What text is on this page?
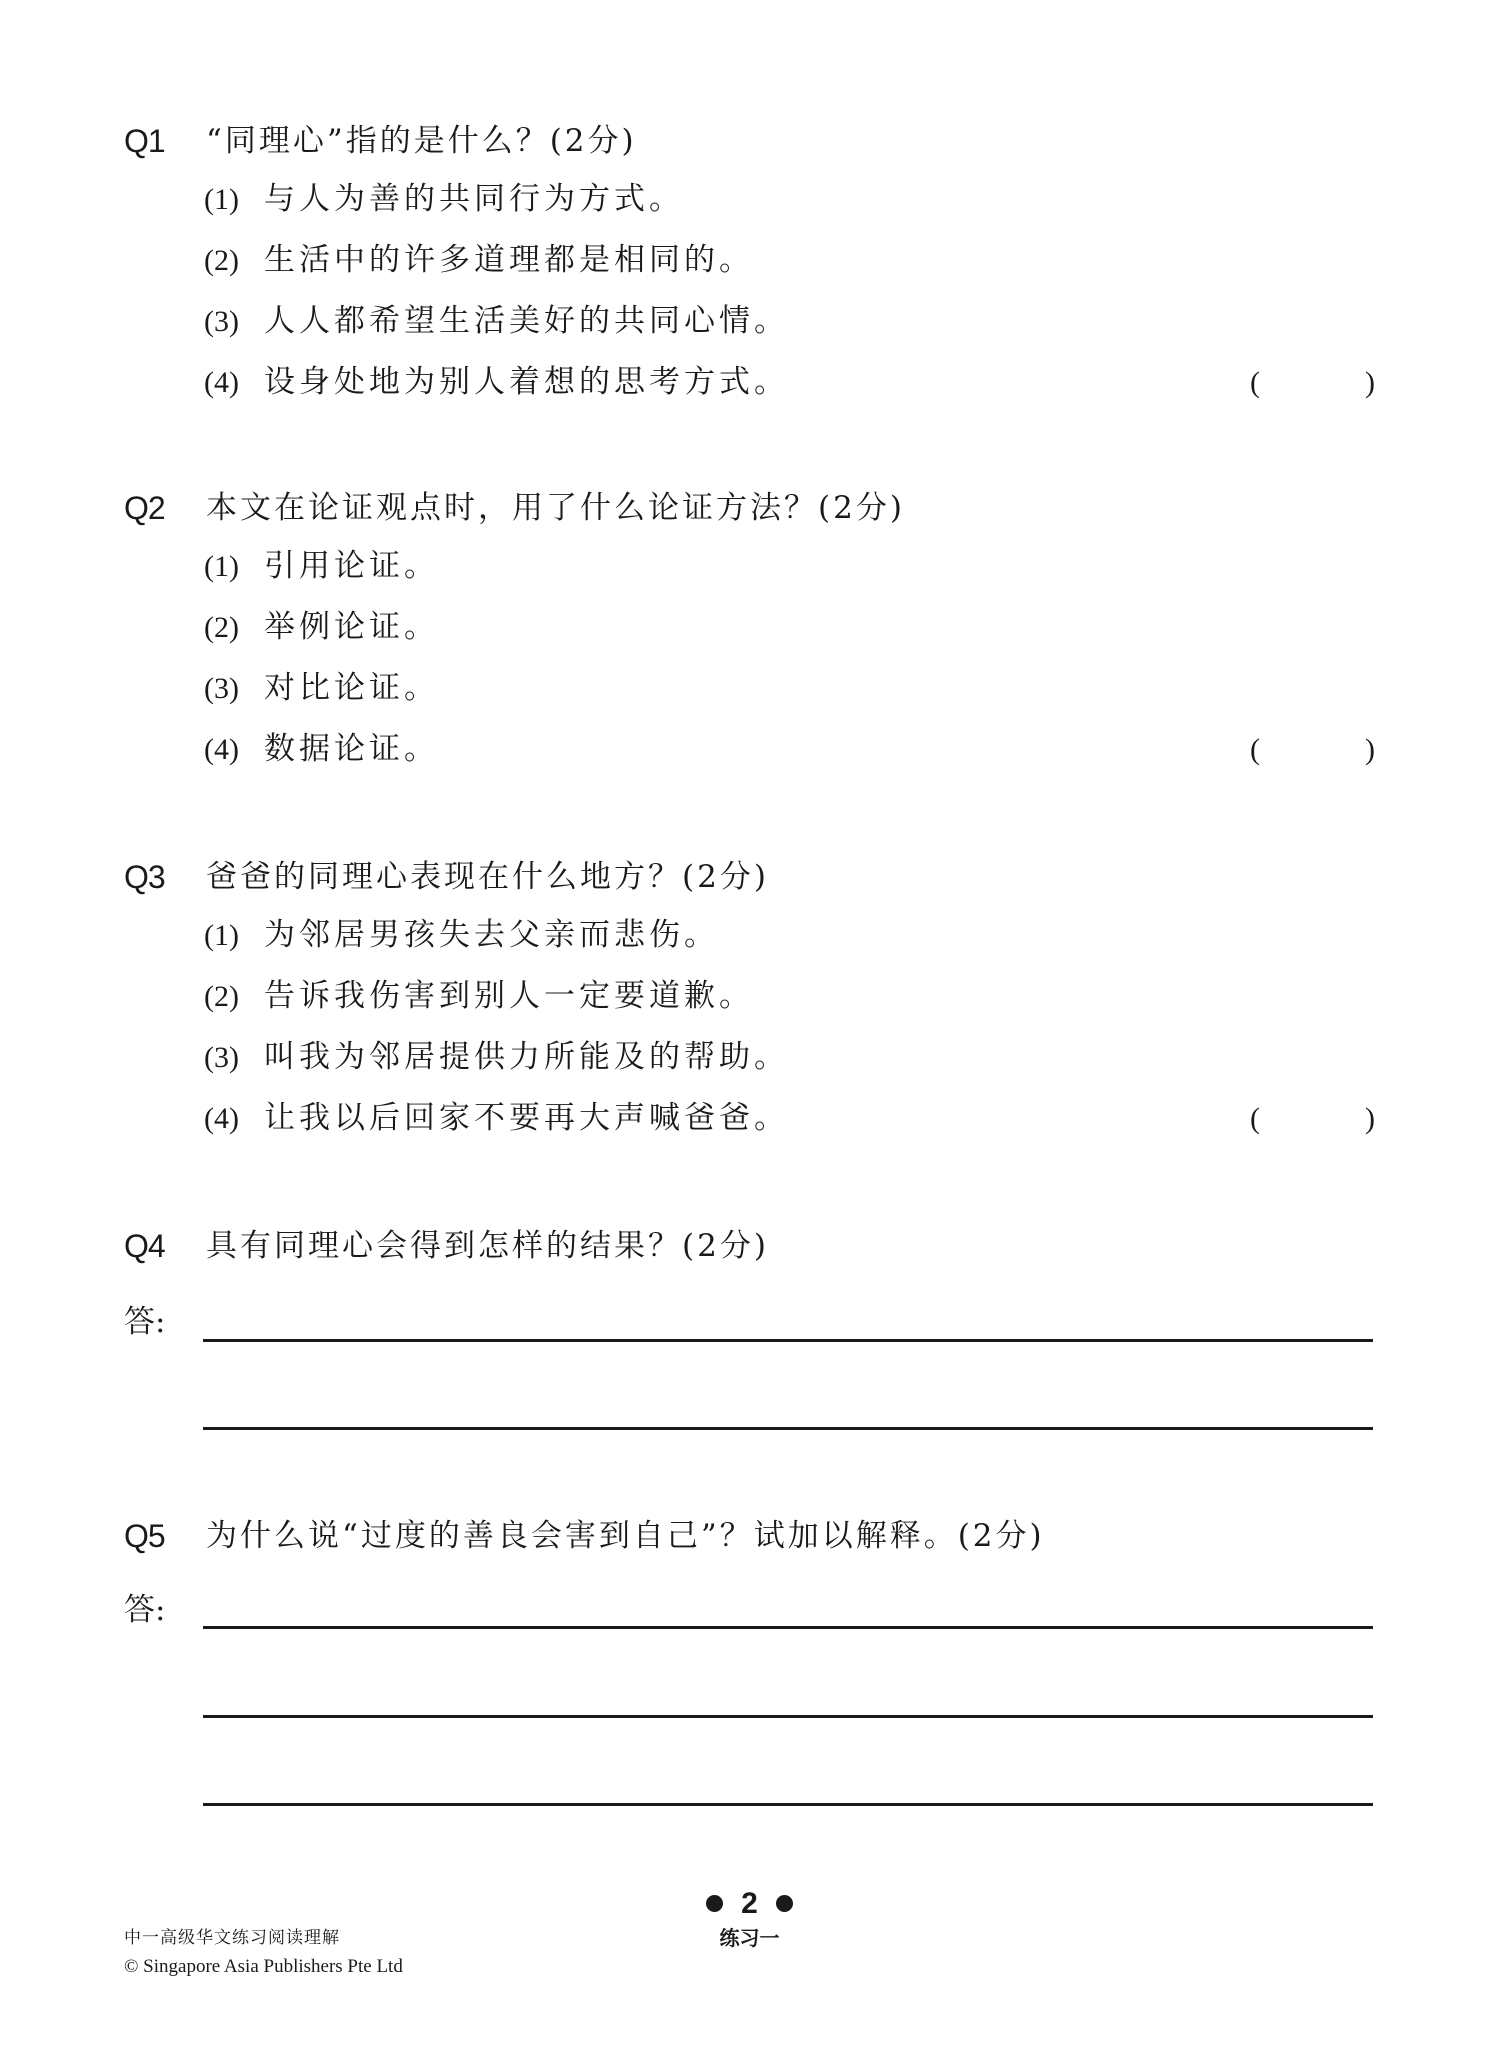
Q1 “同理心”指的是什么？(2分)
(1) 与人为善的共同行为方式。
(2) 生活中的许多道理都是相同的。
(3) 人人都希望生活美好的共同心情。
(4) 设身处地为别人着想的思考方式。	(	)
Q2 本文在论证观点时，用了什么论证方法？(2分)
(1) 引用论证。
(2) 举例论证。
(3) 对比论证。
(4) 数据论证。	(	)
Q3 爸爸的同理心表现在什么地方？(2分)
(1) 为邻居男孩失去父亲而悲伤。
(2) 告诉我伤害到别人一定要道歉。
(3) 叫我为邻居提供力所能及的帮助。
(4) 让我以后回家不要再大声喊爸爸。	(	)
Q4 具有同理心会得到怎样的结果？(2分)
答:
Q5 为什么说“过度的善良会害到自己”？试加以解释。(2分)
答:
2
练习一
中一高级华文练习阅读理解
© Singapore Asia Publishers Pte Ltd
